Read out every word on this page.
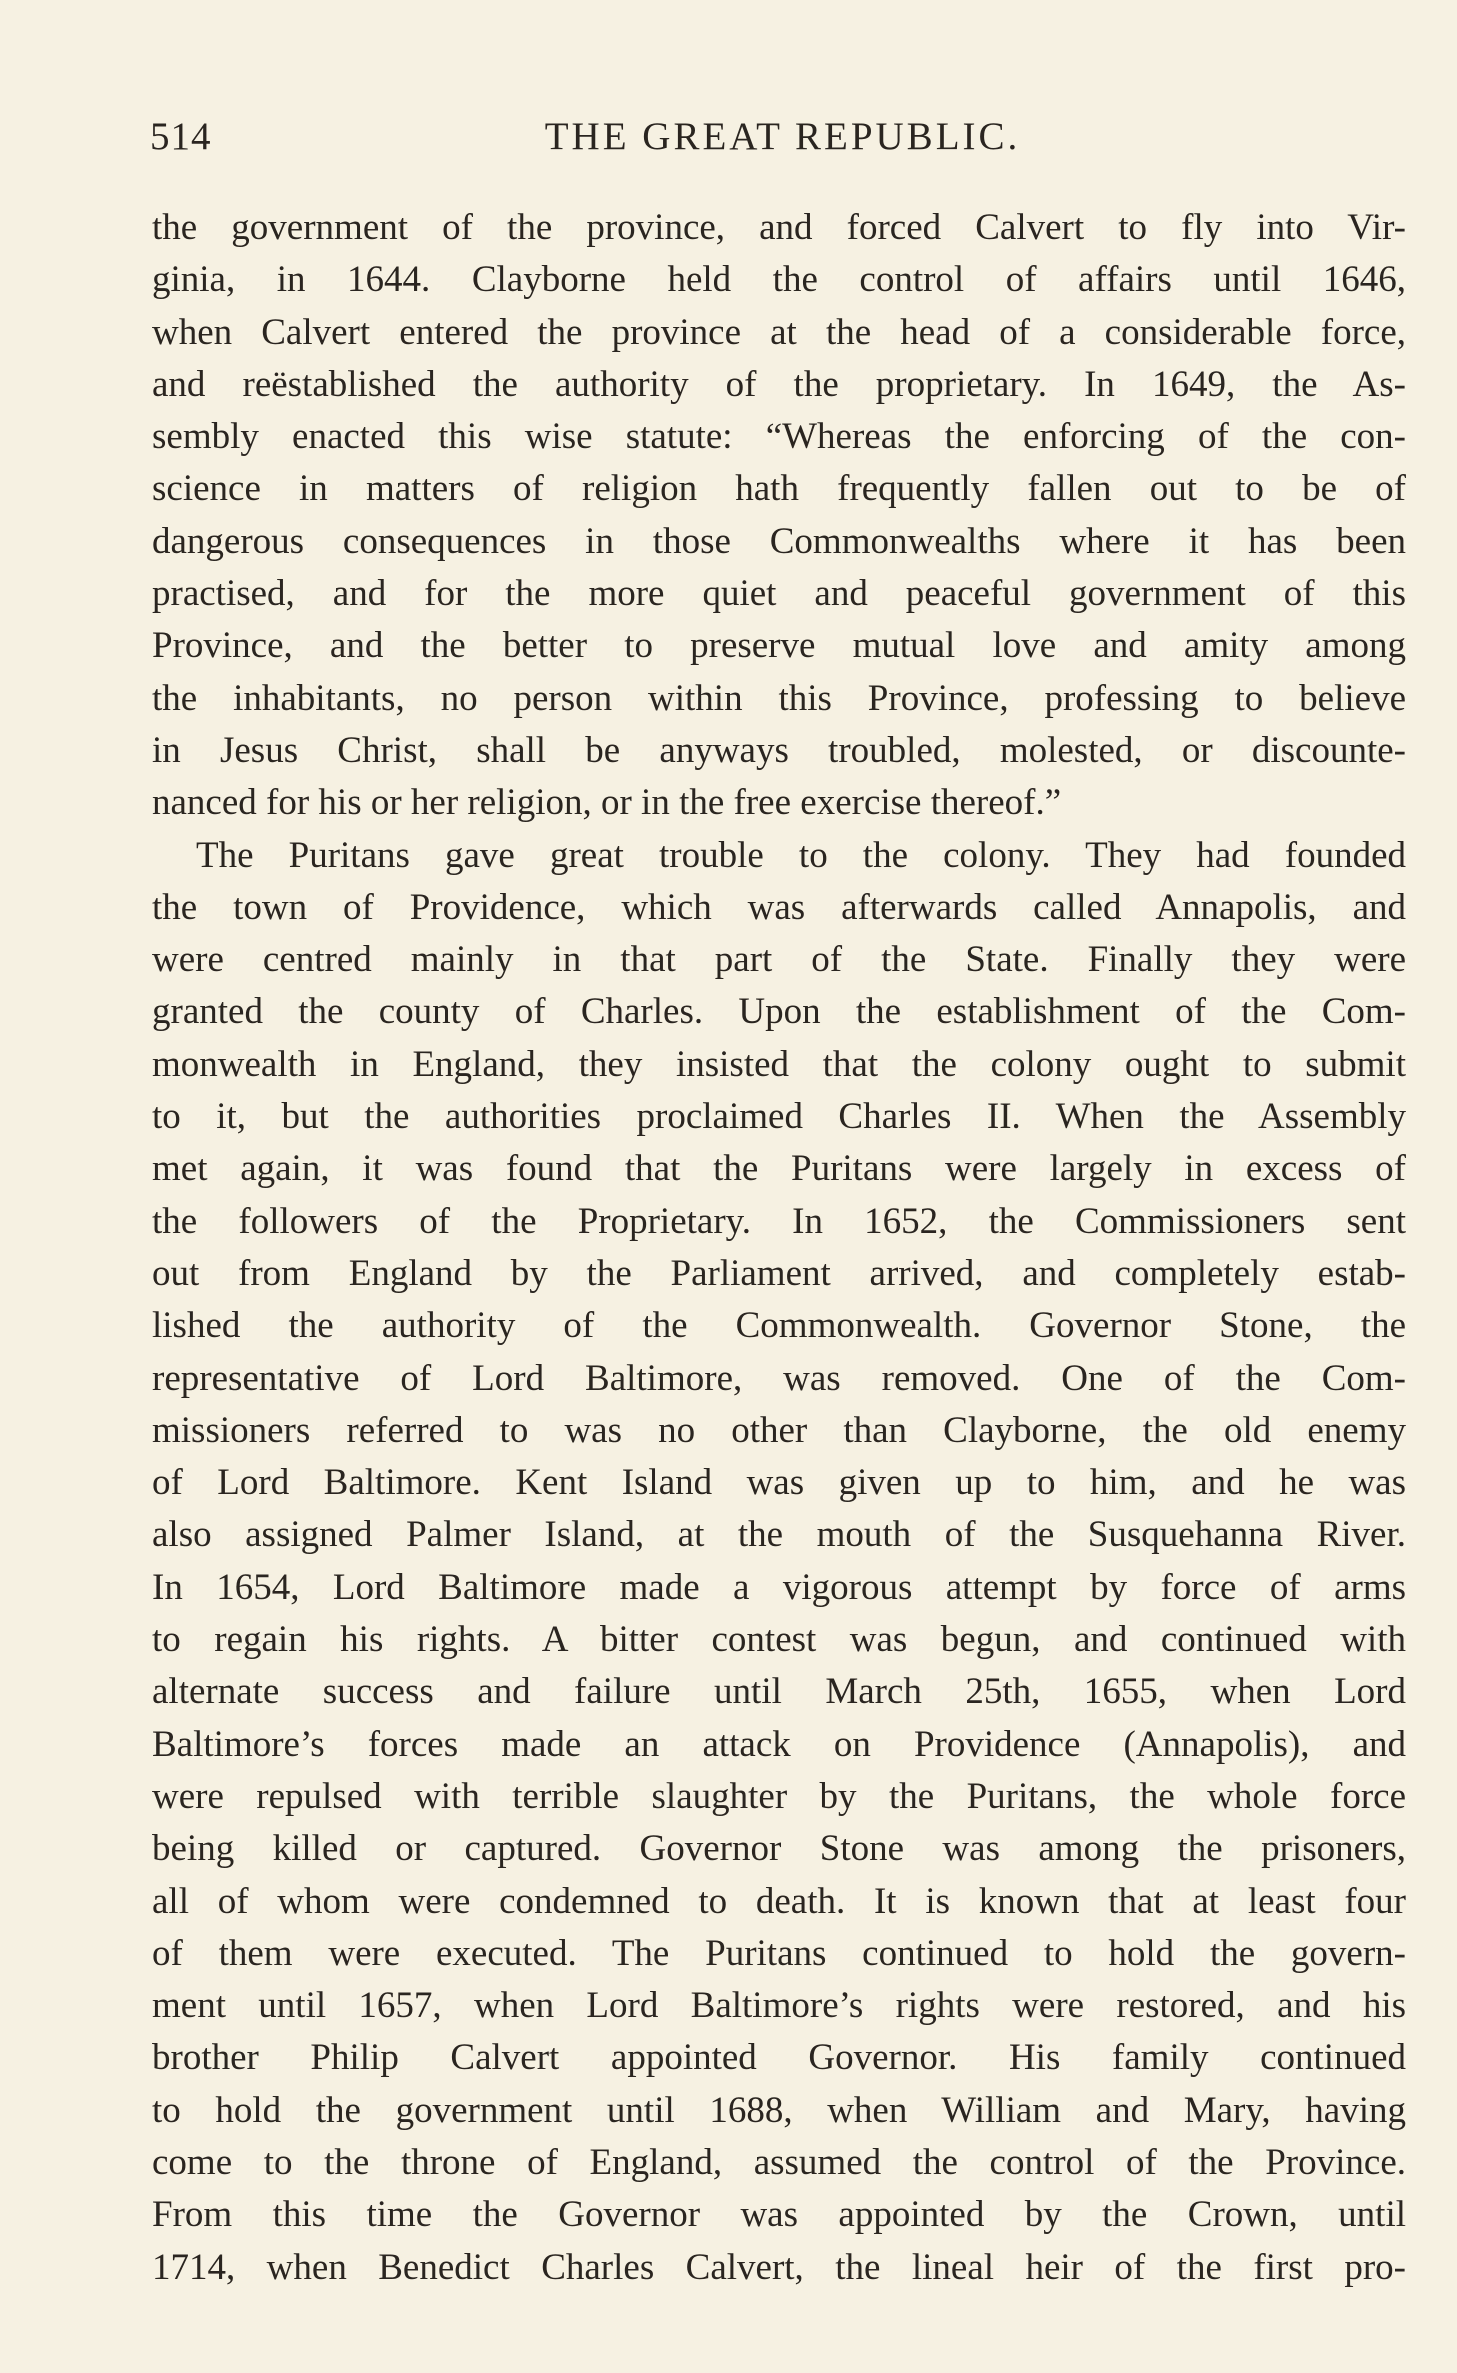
514	THE GREAT REPUBLIC.
the government of the province, and forced Calvert to fly into Vir-
ginia, in 1644. Clayborne held the control of affairs until 1646,
when Calvert entered the province at the head of a considerable force,
and reëstablished the authority of the proprietary. In 1649, the As-
sembly enacted this wise statute: “Whereas the enforcing of the con-
science in matters of religion hath frequently fallen out to be of
dangerous consequences in those Commonwealths where it has been
practised, and for the more quiet and peaceful government of this
Province, and the better to preserve mutual love and amity among
the inhabitants, no person within this Province, professing to believe
in Jesus Christ, shall be anyways troubled, molested, or discounte-
nanced for his or her religion, or in the free exercise thereof.”
The Puritans gave great trouble to the colony. They had founded
the town of Providence, which was afterwards called Annapolis, and
were centred mainly in that part of the State. Finally they were
granted the county of Charles. Upon the establishment of the Com-
monwealth in England, they insisted that the colony ought to submit
to it, but the authorities proclaimed Charles II. When the Assembly
met again, it was found that the Puritans were largely in excess of
the followers of the Proprietary. In 1652, the Commissioners sent
out from England by the Parliament arrived, and completely estab-
lished the authority of the Commonwealth. Governor Stone, the
representative of Lord Baltimore, was removed. One of the Com-
missioners referred to was no other than Clayborne, the old enemy
of Lord Baltimore. Kent Island was given up to him, and he was
also assigned Palmer Island, at the mouth of the Susquehanna River.
In 1654, Lord Baltimore made a vigorous attempt by force of arms
to regain his rights. A bitter contest was begun, and continued with
alternate success and failure until March 25th, 1655, when Lord
Baltimore’s forces made an attack on Providence (Annapolis), and
were repulsed with terrible slaughter by the Puritans, the whole force
being killed or captured. Governor Stone was among the prisoners,
all of whom were condemned to death. It is known that at least four
of them were executed. The Puritans continued to hold the govern-
ment until 1657, when Lord Baltimore’s rights were restored, and his
brother Philip Calvert appointed Governor. His family continued
to hold the government until 1688, when William and Mary, having
come to the throne of England, assumed the control of the Province.
From this time the Governor was appointed by the Crown, until
1714, when Benedict Charles Calvert, the lineal heir of the first pro-
